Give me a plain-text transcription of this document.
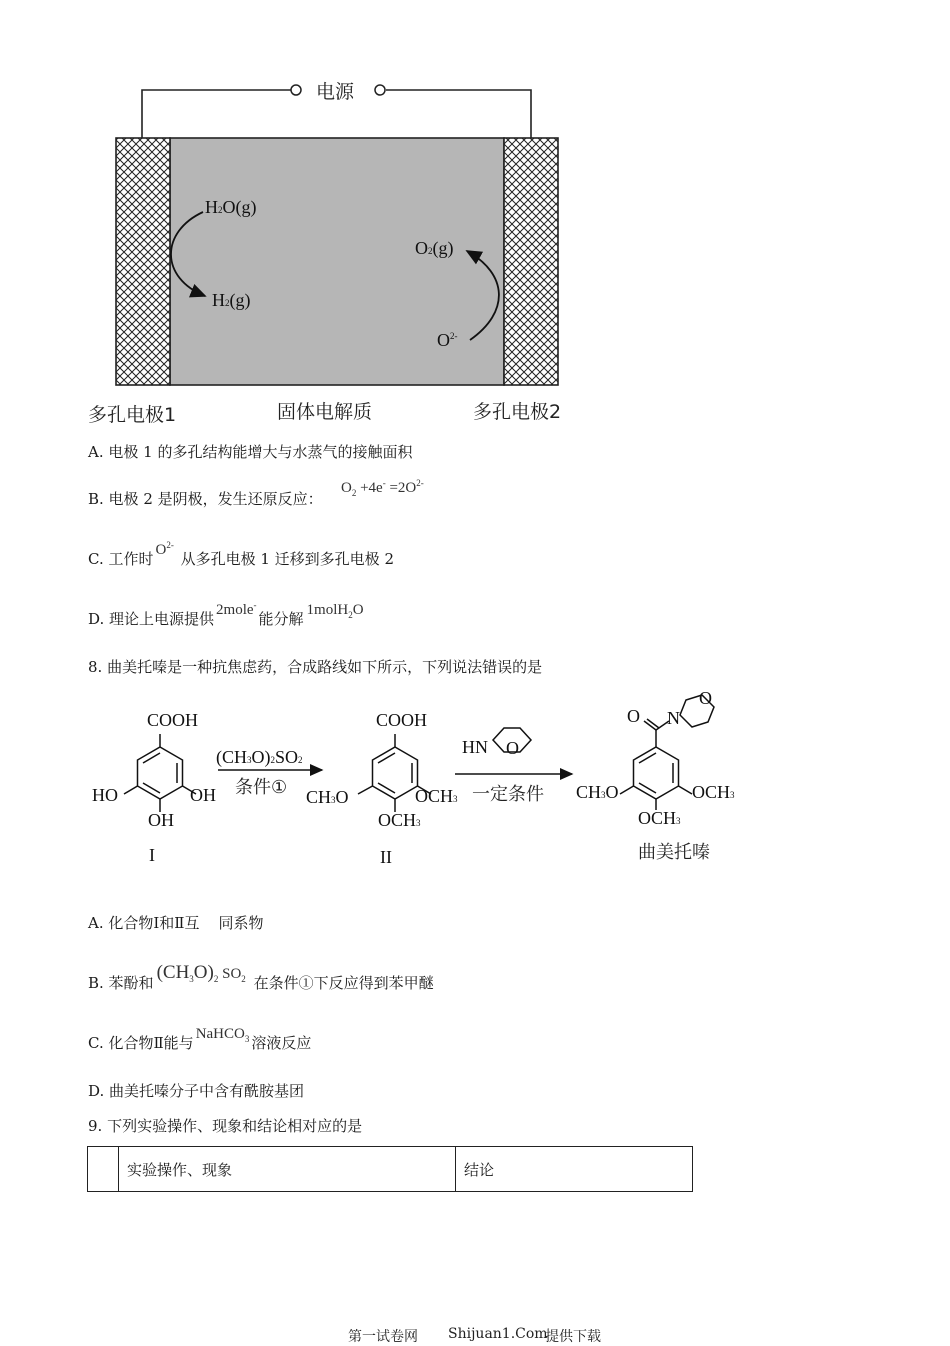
电源
H2O(g)
H2(g)
O2(g)
$O^{2-}$
多孔电极1	固体电解质	多孔电极2
A. 电极 1 的多孔结构能增大与水蒸气的接触面积
B. 电极 2 是阴极，发生还原反应：
$O_2 +4e^- =2O^{2-}$
C. 工作时 $O^{2-}$ 从多孔电极 1 迁移到多孔电极 2
D. 理论上电源提供 2mole-能分解 1molH$_2$O
8. 曲美托嗪是一种抗焦虑药，合成路线如下所示，下列说法错误的是
COOH
HO	OH
OH
I
(CH3O)2SO2
条件①
COOH
CH3O	OCH3
OCH3
II
HN O
一定条件
O N
O
CH3O	OCH3
OCH3
曲美托嗪
A. 化合物Ⅰ和Ⅱ互    同系物
B. 苯酚和 $(CH_3O)_2$ $SO_2$ 在条件①下反应得到苯甲醚
C. 化合物Ⅱ能与 NaHCO$_3$ 溶液反应
D. 曲美托嗪分子中含有酰胺基团
9. 下列实验操作、现象和结论相对应的是
	实验操作、现象	结论
第一试卷网 Shijuan1.Com
提供下载
